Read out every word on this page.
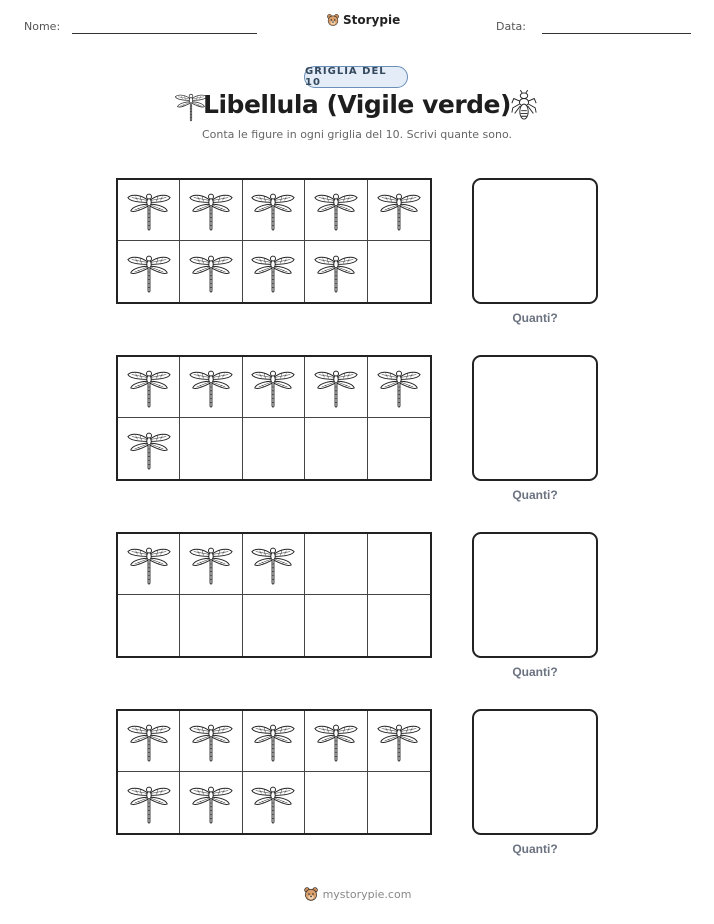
Nome:	Storypie	Data:
GRIGLIA DEL 10
Libellula (Vigile verde)
Conta le figure in ogni griglia del 10. Scrivi quante sono.
Quanti?
Quanti?
Quanti?
Quanti?
mystorypie.com
